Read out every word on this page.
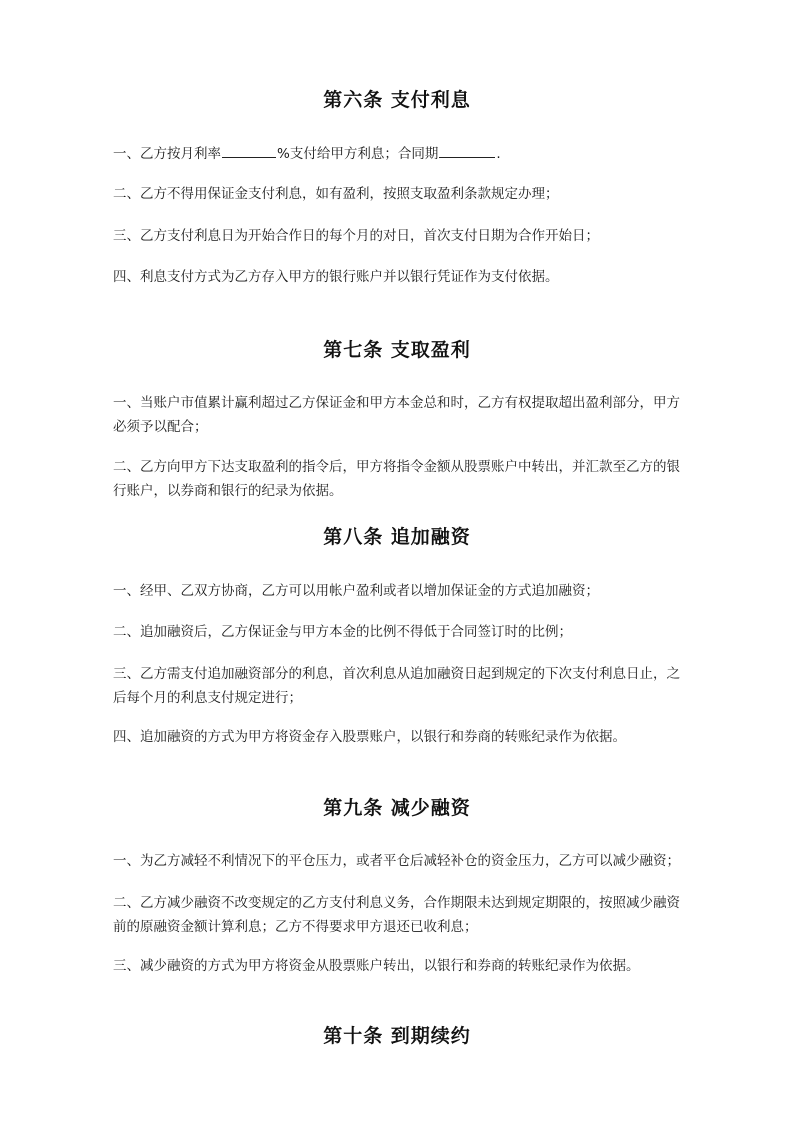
第六条 支付利息
一、乙方按月利率	%支付给甲方利息；合同期	.
二、乙方不得用保证金支付利息，如有盈利，按照支取盈利条款规定办理；
三、乙方支付利息日为开始合作日的每个月的对日，首次支付日期为合作开始日；
四、利息支付方式为乙方存入甲方的银行账户并以银行凭证作为支付依据。
第七条 支取盈利
一、当账户市值累计赢利超过乙方保证金和甲方本金总和时，乙方有权提取超出盈利部分，甲方必须予以配合；
二、乙方向甲方下达支取盈利的指令后，甲方将指令金额从股票账户中转出，并汇款至乙方的银行账户，以券商和银行的纪录为依据。
第八条 追加融资
一、经甲、乙双方协商，乙方可以用帐户盈利或者以增加保证金的方式追加融资；
二、追加融资后，乙方保证金与甲方本金的比例不得低于合同签订时的比例；
三、乙方需支付追加融资部分的利息，首次利息从追加融资日起到规定的下次支付利息日止，之后每个月的利息支付规定进行；
四、追加融资的方式为甲方将资金存入股票账户，以银行和券商的转账纪录作为依据。
第九条 减少融资
一、为乙方减轻不利情况下的平仓压力，或者平仓后减轻补仓的资金压力，乙方可以减少融资；
二、乙方减少融资不改变规定的乙方支付利息义务，合作期限未达到规定期限的，按照减少融资前的原融资金额计算利息；乙方不得要求甲方退还已收利息；
三、减少融资的方式为甲方将资金从股票账户转出，以银行和券商的转账纪录作为依据。
第十条 到期续约
